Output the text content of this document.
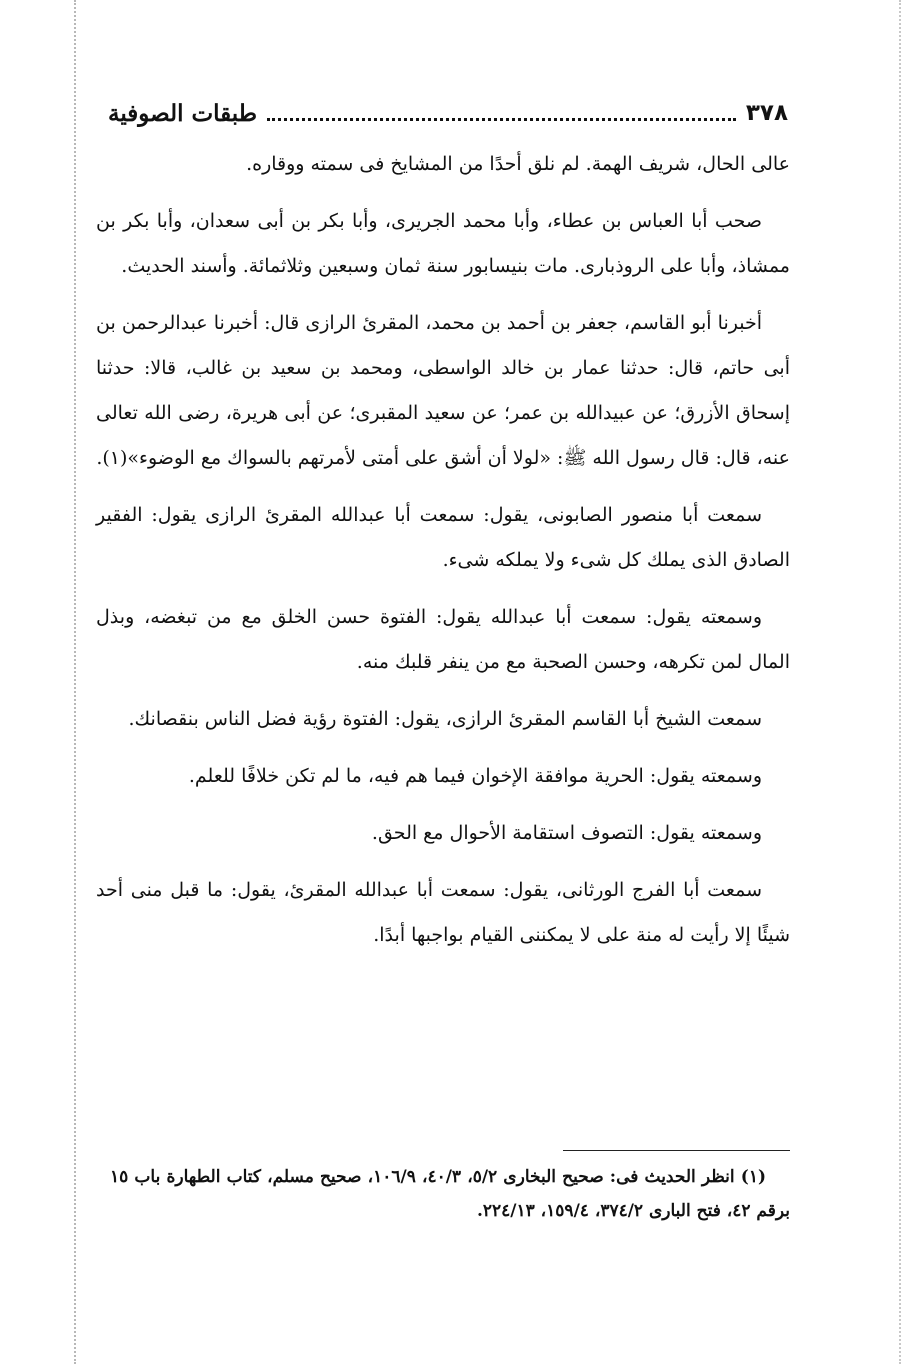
٣٧٨
طبقات الصوفية

عالى الحال، شريف الهمة. لم نلق أحدًا من المشايخ فى سمته ووقاره.

صحب أبا العباس بن عطاء، وأبا محمد الجريرى، وأبا بكر بن أبى سعدان، وأبا بكر بن ممشاذ، وأبا على الروذبارى. مات بنيسابور سنة ثمان وسبعين وثلاثمائة. وأسند الحديث.

أخبرنا أبو القاسم، جعفر بن أحمد بن محمد، المقرئ الرازى قال: أخبرنا عبدالرحمن بن أبى حاتم، قال: حدثنا عمار بن خالد الواسطى، ومحمد بن سعيد بن غالب، قالا: حدثنا إسحاق الأزرق؛ عن عبيدالله بن عمر؛ عن سعيد المقبرى؛ عن أبى هريرة، رضى الله تعالى عنه، قال: قال رسول الله ﷺ: «لولا أن أشق على أمتى لأمرتهم بالسواك مع الوضوء»(١).

سمعت أبا منصور الصابونى، يقول: سمعت أبا عبدالله المقرئ الرازى يقول: الفقير الصادق الذى يملك كل شىء ولا يملكه شىء.

وسمعته يقول: سمعت أبا عبدالله يقول: الفتوة حسن الخلق مع من تبغضه، وبذل المال لمن تكرهه، وحسن الصحبة مع من ينفر قلبك منه.

سمعت الشيخ أبا القاسم المقرئ الرازى، يقول: الفتوة رؤية فضل الناس بنقصانك.

وسمعته يقول: الحرية موافقة الإخوان فيما هم فيه، ما لم تكن خلافًا للعلم.

وسمعته يقول: التصوف استقامة الأحوال مع الحق.

سمعت أبا الفرج الورثانى، يقول: سمعت أبا عبدالله المقرئ، يقول: ما قبل منى أحد شيئًا إلا رأيت له منة على لا يمكننى القيام بواجبها أبدًا.

(١) انظر الحديث فى: صحيح البخارى ٥/٢، ٤٠/٣، ١٠٦/٩، صحيح مسلم، كتاب الطهارة باب ١٥ برقم ٤٢، فتح البارى ٣٧٤/٢، ١٥٩/٤، ٢٢٤/١٣.
